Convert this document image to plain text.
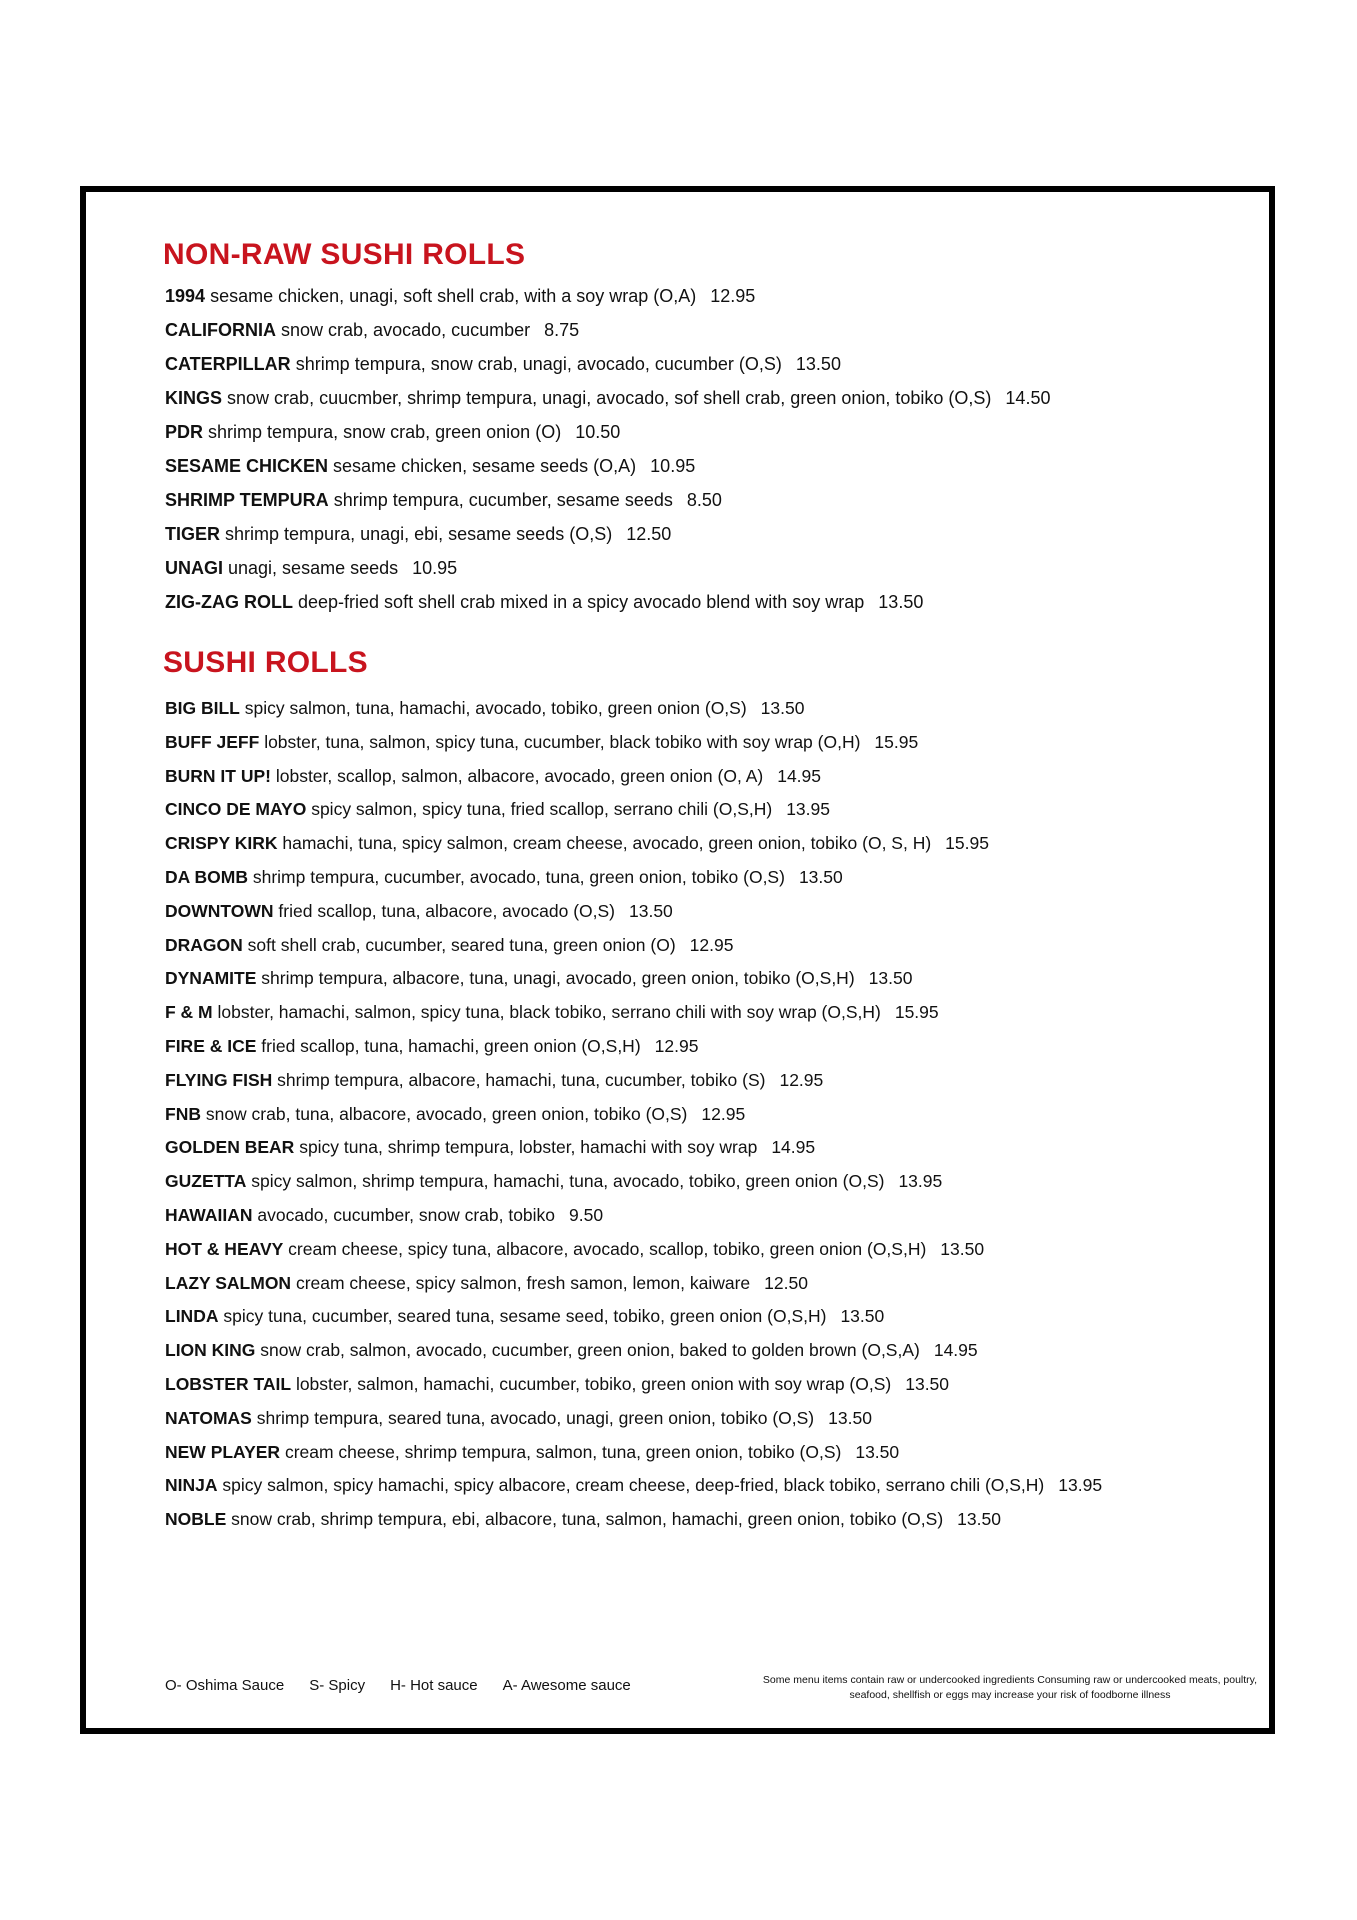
NON-RAW SUSHI ROLLS
1994 sesame chicken, unagi, soft shell crab, with a soy wrap (O,A) 12.95
CALIFORNIA snow crab, avocado, cucumber 8.75
CATERPILLAR shrimp tempura, snow crab, unagi, avocado, cucumber (O,S) 13.50
KINGS snow crab, cuucmber, shrimp tempura, unagi, avocado, sof shell crab, green onion, tobiko (O,S) 14.50
PDR shrimp tempura, snow crab, green onion (O) 10.50
SESAME CHICKEN sesame chicken, sesame seeds (O,A) 10.95
SHRIMP TEMPURA shrimp tempura, cucumber, sesame seeds 8.50
TIGER shrimp tempura, unagi, ebi, sesame seeds (O,S) 12.50
UNAGI unagi, sesame seeds 10.95
ZIG-ZAG ROLL deep-fried soft shell crab mixed in a spicy avocado blend with soy wrap 13.50
SUSHI ROLLS
BIG BILL spicy salmon, tuna, hamachi, avocado, tobiko, green onion (O,S) 13.50
BUFF JEFF lobster, tuna, salmon, spicy tuna, cucumber, black tobiko with soy wrap (O,H) 15.95
BURN IT UP! lobster, scallop, salmon, albacore, avocado, green onion (O, A) 14.95
CINCO DE MAYO spicy salmon, spicy tuna, fried scallop, serrano chili (O,S,H) 13.95
CRISPY KIRK hamachi, tuna, spicy salmon, cream cheese, avocado, green onion, tobiko (O, S, H) 15.95
DA BOMB shrimp tempura, cucumber, avocado, tuna, green onion, tobiko (O,S) 13.50
DOWNTOWN fried scallop, tuna, albacore, avocado (O,S) 13.50
DRAGON soft shell crab, cucumber, seared tuna, green onion (O) 12.95
DYNAMITE shrimp tempura, albacore, tuna, unagi, avocado, green onion, tobiko (O,S,H) 13.50
F & M lobster, hamachi, salmon, spicy tuna, black tobiko, serrano chili with soy wrap (O,S,H) 15.95
FIRE & ICE fried scallop, tuna, hamachi, green onion (O,S,H) 12.95
FLYING FISH shrimp tempura, albacore, hamachi, tuna, cucumber, tobiko (S) 12.95
FNB snow crab, tuna, albacore, avocado, green onion, tobiko (O,S) 12.95
GOLDEN BEAR spicy tuna, shrimp tempura, lobster, hamachi with soy wrap 14.95
GUZETTA spicy salmon, shrimp tempura, hamachi, tuna, avocado, tobiko, green onion (O,S) 13.95
HAWAIIAN avocado, cucumber, snow crab, tobiko 9.50
HOT & HEAVY cream cheese, spicy tuna, albacore, avocado, scallop, tobiko, green onion (O,S,H) 13.50
LAZY SALMON cream cheese, spicy salmon, fresh samon, lemon, kaiware 12.50
LINDA spicy tuna, cucumber, seared tuna, sesame seed, tobiko, green onion (O,S,H) 13.50
LION KING snow crab, salmon, avocado, cucumber, green onion, baked to golden brown (O,S,A) 14.95
LOBSTER TAIL lobster, salmon, hamachi, cucumber, tobiko, green onion with soy wrap (O,S) 13.50
NATOMAS shrimp tempura, seared tuna, avocado, unagi, green onion, tobiko (O,S) 13.50
NEW PLAYER cream cheese, shrimp tempura, salmon, tuna, green onion, tobiko (O,S) 13.50
NINJA spicy salmon, spicy hamachi, spicy albacore, cream cheese, deep-fried, black tobiko, serrano chili (O,S,H) 13.95
NOBLE snow crab, shrimp tempura, ebi, albacore, tuna, salmon, hamachi, green onion, tobiko (O,S) 13.50
O- Oshima Sauce S- Spicy H- Hot sauce A- Awesome sauce	Some menu items contain raw or undercooked ingredients Consuming raw or undercooked meats, poultry, seafood, shellfish or eggs may increase your risk of foodborne illness
